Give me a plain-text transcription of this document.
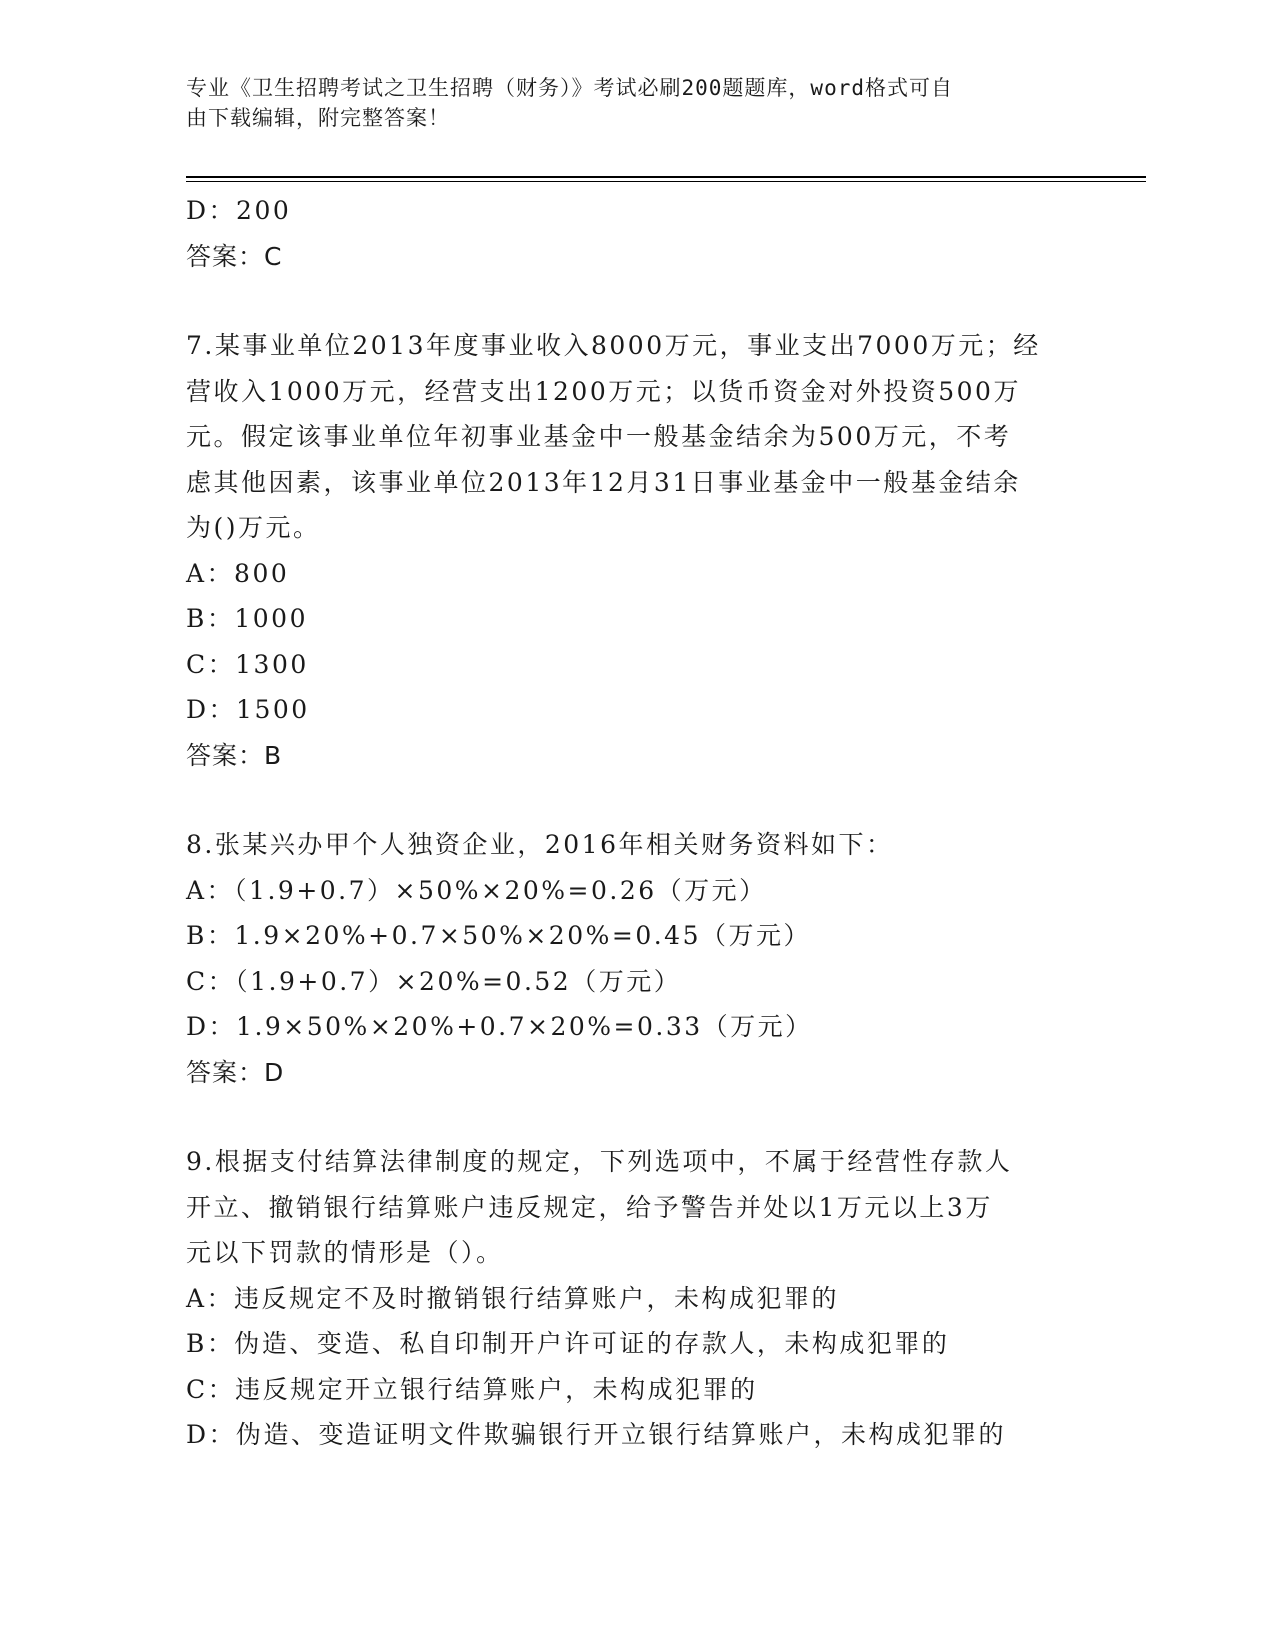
专业《卫生招聘考试之卫生招聘（财务）》考试必刷200题题库，word格式可自

由下载编辑，附完整答案！

D：200
答案：C
7.某事业单位2013年度事业收入8000万元，事业支出7000万元；经
营收入1000万元，经营支出1200万元；以货币资金对外投资500万
元。假定该事业单位年初事业基金中一般基金结余为500万元，不考
虑其他因素，该事业单位2013年12月31日事业基金中一般基金结余
为()万元。
A：800
B：1000
C：1300
D：1500
答案：B
8.张某兴办甲个人独资企业，2016年相关财务资料如下：
A：（1.9+0.7）×50%×20%=0.26（万元）
B：1.9×20%+0.7×50%×20%=0.45（万元）
C：（1.9+0.7）×20%=0.52（万元）
D：1.9×50%×20%+0.7×20%=0.33（万元）
答案：D
9.根据支付结算法律制度的规定，下列选项中，不属于经营性存款人
开立、撤销银行结算账户违反规定，给予警告并处以1万元以上3万
元以下罚款的情形是（）。
A：违反规定不及时撤销银行结算账户，未构成犯罪的
B：伪造、变造、私自印制开户许可证的存款人，未构成犯罪的
C：违反规定开立银行结算账户，未构成犯罪的
D：伪造、变造证明文件欺骗银行开立银行结算账户，未构成犯罪的
